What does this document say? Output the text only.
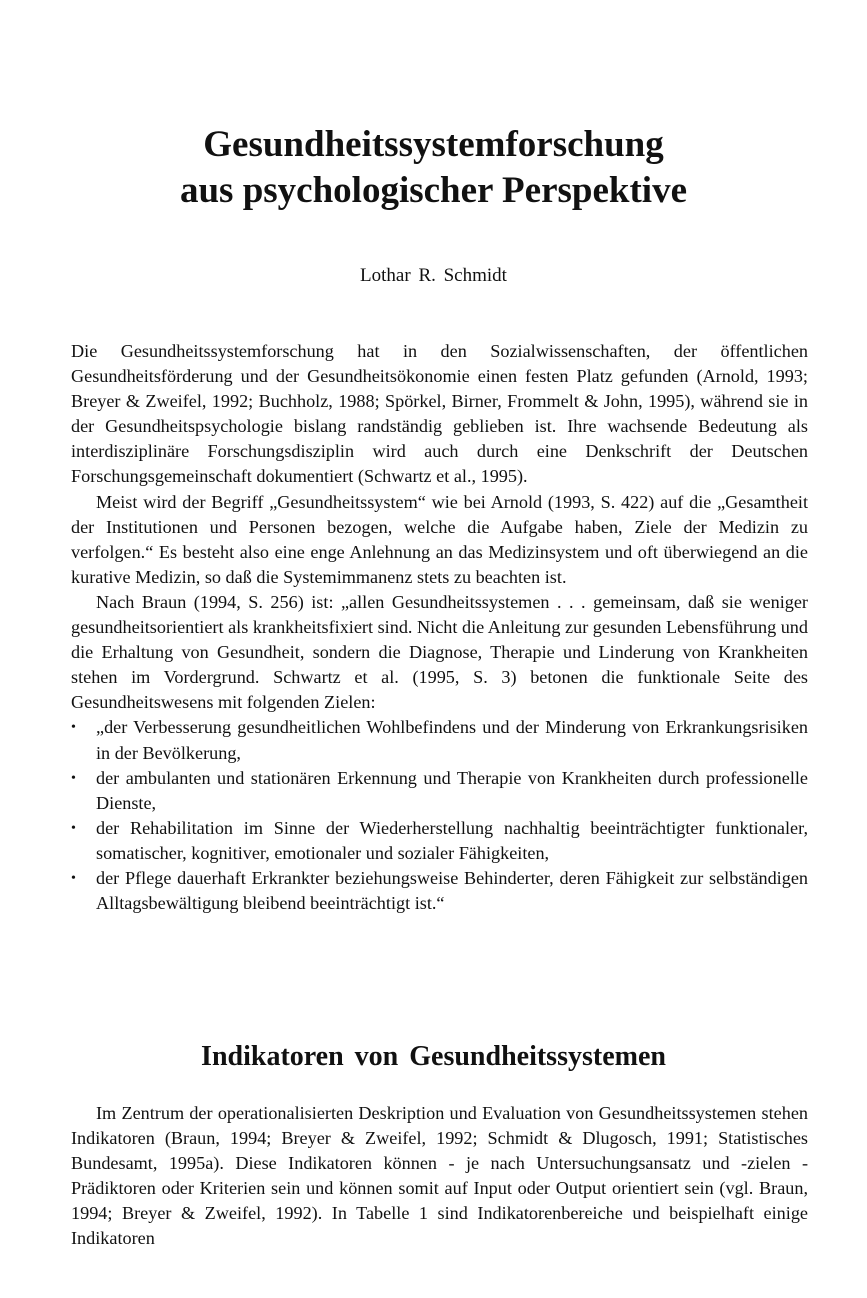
Gesundheitssystemforschung
aus psychologischer Perspektive
Lothar R. Schmidt

Die Gesundheitssystemforschung hat in den Sozialwissenschaften, der öffentlichen Gesundheitsförderung und der Gesundheitsökonomie einen festen Platz gefunden (Arnold, 1993; Breyer & Zweifel, 1992; Buchholz, 1988; Spörkel, Birner, Frommelt & John, 1995), während sie in der Gesundheitspsychologie bislang randständig geblieben ist. Ihre wachsende Bedeutung als interdisziplinäre Forschungsdisziplin wird auch durch eine Denkschrift der Deutschen Forschungsgemeinschaft dokumentiert (Schwartz et al., 1995).

Meist wird der Begriff „Gesundheitssystem“ wie bei Arnold (1993, S. 422) auf die „Gesamtheit der Institutionen und Personen bezogen, welche die Aufgabe haben, Ziele der Medizin zu verfolgen.“ Es besteht also eine enge Anlehnung an das Medizinsystem und oft überwiegend an die kurative Medizin, so daß die Systemimmanenz stets zu beachten ist.

Nach Braun (1994, S. 256) ist: „allen Gesundheitssystemen . . . gemeinsam, daß sie weniger gesundheitsorientiert als krankheitsfixiert sind. Nicht die Anleitung zur gesunden Lebensführung und die Erhaltung von Gesundheit, sondern die Diagnose, Therapie und Linderung von Krankheiten stehen im Vordergrund. Schwartz et al. (1995, S. 3) betonen die funktionale Seite des Gesundheitswesens mit folgenden Zielen:

• „der Verbesserung gesundheitlichen Wohlbefindens und der Minderung von Erkrankungsrisiken in der Bevölkerung,
• der ambulanten und stationären Erkennung und Therapie von Krankheiten durch professionelle Dienste,
• der Rehabilitation im Sinne der Wiederherstellung nachhaltig beeinträchtigter funktionaler, somatischer, kognitiver, emotionaler und sozialer Fähigkeiten,
• der Pflege dauerhaft Erkrankter beziehungsweise Behinderter, deren Fähigkeit zur selbständigen Alltagsbewältigung bleibend beeinträchtigt ist.“
Indikatoren von Gesundheitssystemen

Im Zentrum der operationalisierten Deskription und Evaluation von Gesundheitssystemen stehen Indikatoren (Braun, 1994; Breyer & Zweifel, 1992; Schmidt & Dlugosch, 1991; Statistisches Bundesamt, 1995a). Diese Indikatoren können - je nach Untersuchungsansatz und -zielen - Prädiktoren oder Kriterien sein und können somit auf Input oder Output orientiert sein (vgl. Braun, 1994; Breyer & Zweifel, 1992). In Tabelle 1 sind Indikatorenbereiche und beispielhaft einige Indikatoren
